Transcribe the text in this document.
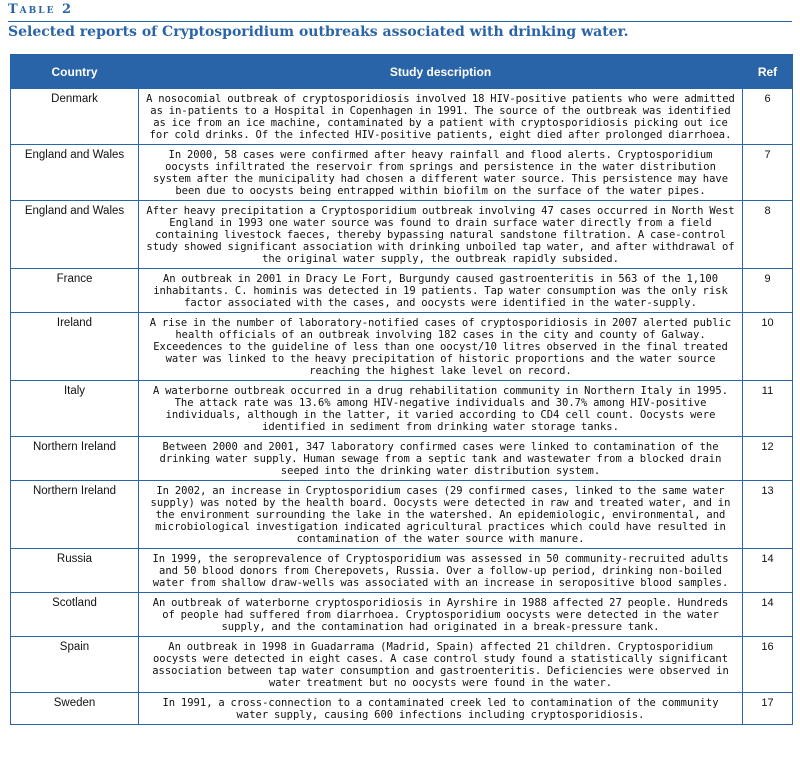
Table 2
Selected reports of Cryptosporidium outbreaks associated with drinking water.
Country	Study description	Ref
Denmark	A nosocomial outbreak of cryptosporidiosis involved 18 HIV-positive patients who were admitted as in-patients to a Hospital in Copenhagen in 1991. The source of the outbreak was identified as ice from an ice machine, contaminated by a patient with cryptosporidiosis picking out ice for cold drinks. Of the infected HIV-positive patients, eight died after prolonged diarrhoea.	6
England and Wales	In 2000, 58 cases were confirmed after heavy rainfall and flood alerts. Cryptosporidium oocysts infiltrated the reservoir from springs and persistence in the water distribution system after the municipality had chosen a different water source. This persistence may have been due to oocysts being entrapped within biofilm on the surface of the water pipes.	7
England and Wales	After heavy precipitation a Cryptosporidium outbreak involving 47 cases occurred in North West England in 1993 one water source was found to drain surface water directly from a field containing livestock faeces, thereby bypassing natural sandstone filtration. A case-control study showed significant association with drinking unboiled tap water, and after withdrawal of the original water supply, the outbreak rapidly subsided.	8
France	An outbreak in 2001 in Dracy Le Fort, Burgundy caused gastroenteritis in 563 of the 1,100 inhabitants. C. hominis was detected in 19 patients. Tap water consumption was the only risk factor associated with the cases, and oocysts were identified in the water-supply.	9
Ireland	A rise in the number of laboratory-notified cases of cryptosporidiosis in 2007 alerted public health officials of an outbreak involving 182 cases in the city and county of Galway. Exceedences to the guideline of less than one oocyst/10 litres observed in the final treated water was linked to the heavy precipitation of historic proportions and the water source reaching the highest lake level on record.	10
Italy	A waterborne outbreak occurred in a drug rehabilitation community in Northern Italy in 1995. The attack rate was 13.6% among HIV-negative individuals and 30.7% among HIV-positive individuals, although in the latter, it varied according to CD4 cell count. Oocysts were identified in sediment from drinking water storage tanks.	11
Northern Ireland	Between 2000 and 2001, 347 laboratory confirmed cases were linked to contamination of the drinking water supply. Human sewage from a septic tank and wastewater from a blocked drain seeped into the drinking water distribution system.	12
Northern Ireland	In 2002, an increase in Cryptosporidium cases (29 confirmed cases, linked to the same water supply) was noted by the health board. Oocysts were detected in raw and treated water, and in the environment surrounding the lake in the watershed. An epidemiologic, environmental, and microbiological investigation indicated agricultural practices which could have resulted in contamination of the water source with manure.	13
Russia	In 1999, the seroprevalence of Cryptosporidium was assessed in 50 community-recruited adults and 50 blood donors from Cherepovets, Russia. Over a follow-up period, drinking non-boiled water from shallow draw-wells was associated with an increase in seropositive blood samples.	14
Scotland	An outbreak of waterborne cryptosporidiosis in Ayrshire in 1988 affected 27 people. Hundreds of people had suffered from diarrhoea. Cryptosporidium oocysts were detected in the water supply, and the contamination had originated in a break-pressure tank.	14
Spain	An outbreak in 1998 in Guadarrama (Madrid, Spain) affected 21 children. Cryptosporidium oocysts were detected in eight cases. A case control study found a statistically significant association between tap water consumption and gastroenteritis. Deficiencies were observed in water treatment but no oocysts were found in the water.	16
Sweden	In 1991, a cross-connection to a contaminated creek led to contamination of the community water supply, causing 600 infections including cryptosporidiosis.	17
